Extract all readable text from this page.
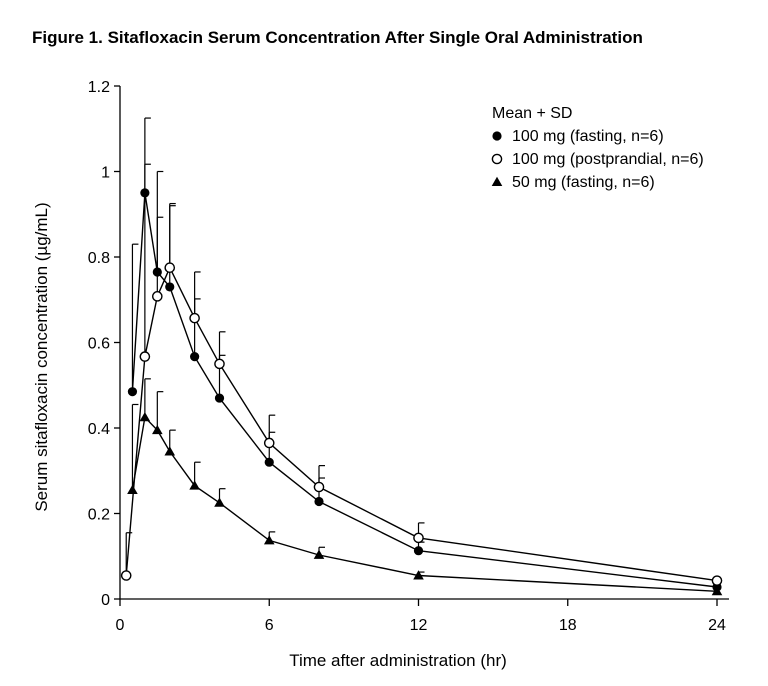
Figure 1. Sitafloxacin Serum Concentration After Single Oral Administration
0
0.2
0.4
0.6
0.8
1
1.2
0	6	12	18	24
Time after administration (hr)
Serum sitafloxacin concentration (µg/mL)
Mean + SD
100 mg (fasting, n=6)
100 mg (postprandial, n=6)
50 mg (fasting, n=6)
